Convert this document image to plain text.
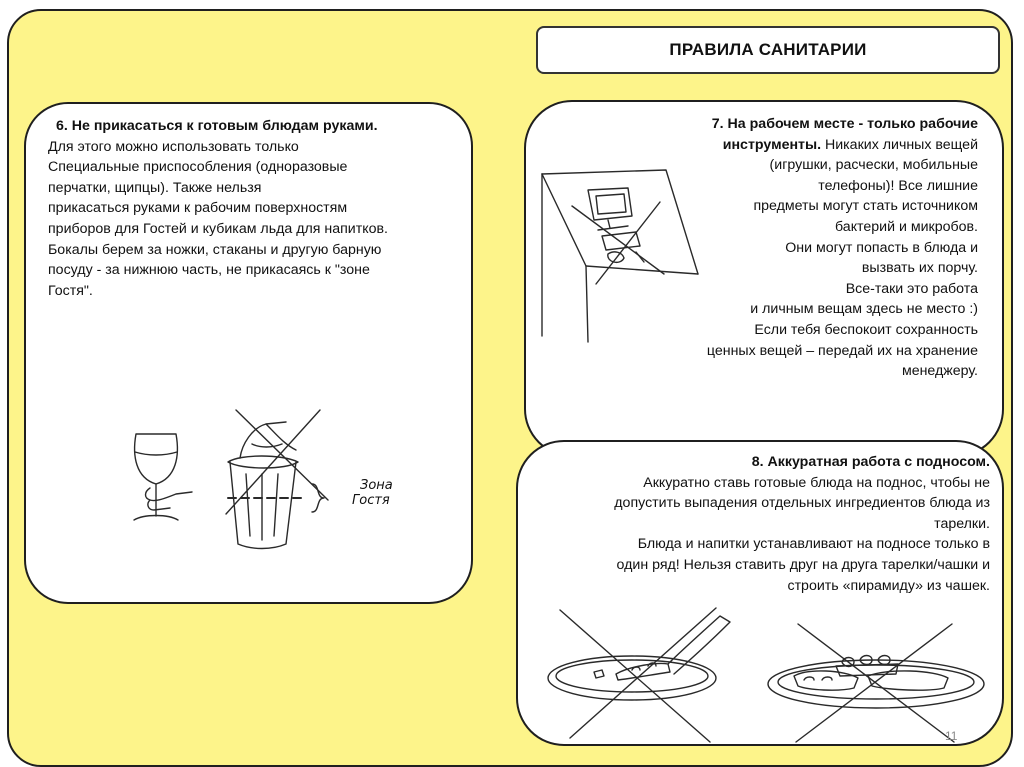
ПРАВИЛА САНИТАРИИ
6. Не прикасаться к готовым блюдам руками.
Для этого можно использовать только
Специальные приспособления (одноразовые
перчатки, щипцы). Также нельзя
прикасаться руками к рабочим поверхностям
приборов для Гостей и кубикам льда для напитков.
Бокалы берем за ножки, стаканы и другую барную
посуду - за нижнюю часть, не прикасаясь к "зоне
Гостя".
Зона
Гостя
7. На рабочем месте - только рабочие
инструменты. Никаких личных вещей
(игрушки, расчески, мобильные
телефоны)! Все лишние
предметы могут стать источником
бактерий и микробов.
Они могут попасть в блюда и
вызвать их порчу.
Все-таки это работа
и личным вещам здесь не место :)
Если тебя беспокоит сохранность
ценных вещей – передай их на хранение
менеджеру.
8. Аккуратная работа с подносом.
Аккуратно ставь готовые блюда на поднос, чтобы не
допустить выпадения отдельных ингредиентов блюда из
тарелки.
Блюда и напитки устанавливают на подносе только в
один ряд! Нельзя ставить друг на друга тарелки/чашки и
строить «пирамиду» из чашек.
11
